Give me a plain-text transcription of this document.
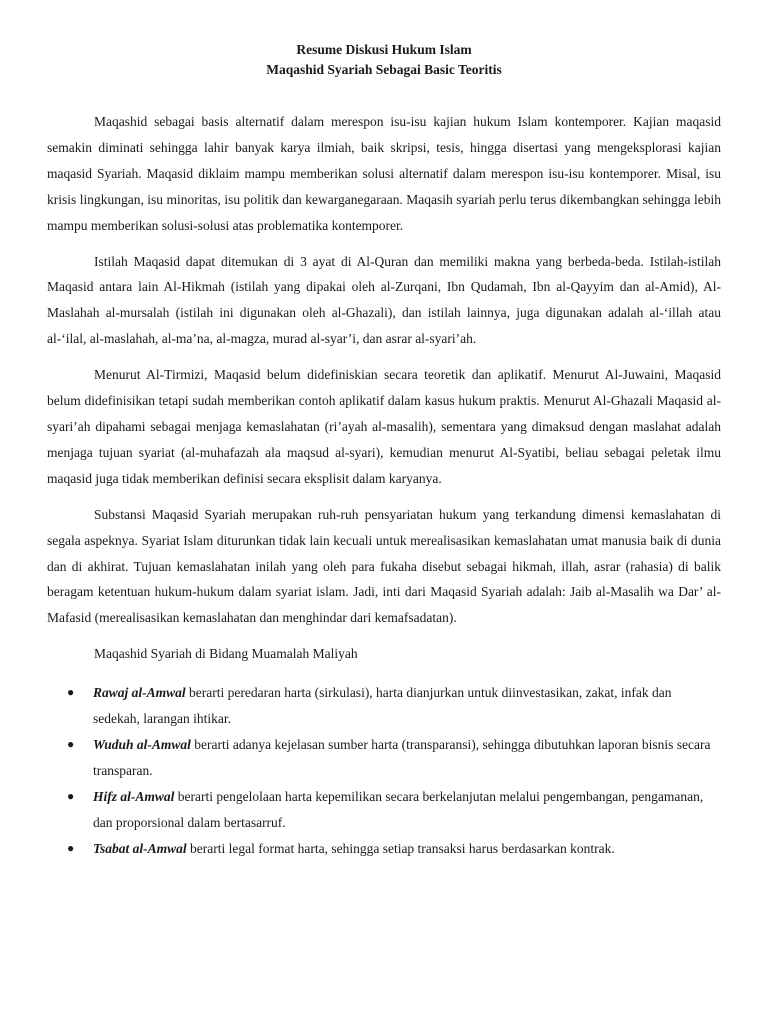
Resume Diskusi Hukum Islam
Maqashid Syariah Sebagai Basic Teoritis

Maqashid sebagai basis alternatif dalam merespon isu-isu kajian hukum Islam kontemporer. Kajian maqasid semakin diminati sehingga lahir banyak karya ilmiah, baik skripsi, tesis, hingga disertasi yang mengeksplorasi kajian maqasid Syariah. Maqasid diklaim mampu memberikan solusi alternatif dalam merespon isu-isu kontemporer. Misal, isu krisis lingkungan, isu minoritas, isu politik dan kewarganegaraan. Maqasih syariah perlu terus dikembangkan sehingga lebih mampu memberikan solusi-solusi atas problematika kontemporer.

Istilah Maqasid dapat ditemukan di 3 ayat di Al-Quran dan memiliki makna yang berbeda-beda. Istilah-istilah Maqasid antara lain Al-Hikmah (istilah yang dipakai oleh al-Zurqani, Ibn Qudamah, Ibn al-Qayyim dan al-Amid), Al-Maslahah al-mursalah (istilah ini digunakan oleh al-Ghazali), dan istilah lainnya, juga digunakan adalah al-‘illah atau al-‘ilal, al-maslahah, al-ma’na, al-magza, murad al-syar’i, dan asrar al-syari’ah.

Menurut Al-Tirmizi, Maqasid belum didefiniskian secara teoretik dan aplikatif. Menurut Al-Juwaini, Maqasid belum didefinisikan tetapi sudah memberikan contoh aplikatif dalam kasus hukum praktis. Menurut Al-Ghazali Maqasid al-syari’ah dipahami sebagai menjaga kemaslahatan (ri’ayah al-masalih), sementara yang dimaksud dengan maslahat adalah menjaga tujuan syariat (al-muhafazah ala maqsud al-syari), kemudian menurut Al-Syatibi, beliau sebagai peletak ilmu maqasid juga tidak memberikan definisi secara eksplisit dalam karyanya.

Substansi Maqasid Syariah merupakan ruh-ruh pensyariatan hukum yang terkandung dimensi kemaslahatan di segala aspeknya. Syariat Islam diturunkan tidak lain kecuali untuk merealisasikan kemaslahatan umat manusia baik di dunia dan di akhirat. Tujuan kemaslahatan inilah yang oleh para fukaha disebut sebagai hikmah, illah, asrar (rahasia) di balik beragam ketentuan hukum-hukum dalam syariat islam. Jadi, inti dari Maqasid Syariah adalah: Jaib al-Masalih wa Dar’ al-Mafasid (merealisasikan kemaslahatan dan menghindar dari kemafsadatan).

Maqashid Syariah di Bidang Muamalah Maliyah

● Rawaj al-Amwal berarti peredaran harta (sirkulasi), harta dianjurkan untuk diinvestasikan, zakat, infak dan sedekah, larangan ihtikar.
● Wuduh al-Amwal berarti adanya kejelasan sumber harta (transparansi), sehingga dibutuhkan laporan bisnis secara transparan.
● Hifz al-Amwal berarti pengelolaan harta kepemilikan secara berkelanjutan melalui pengembangan, pengamanan, dan proporsional dalam bertasarruf.
● Tsabat al-Amwal berarti legal format harta, sehingga setiap transaksi harus berdasarkan kontrak.
